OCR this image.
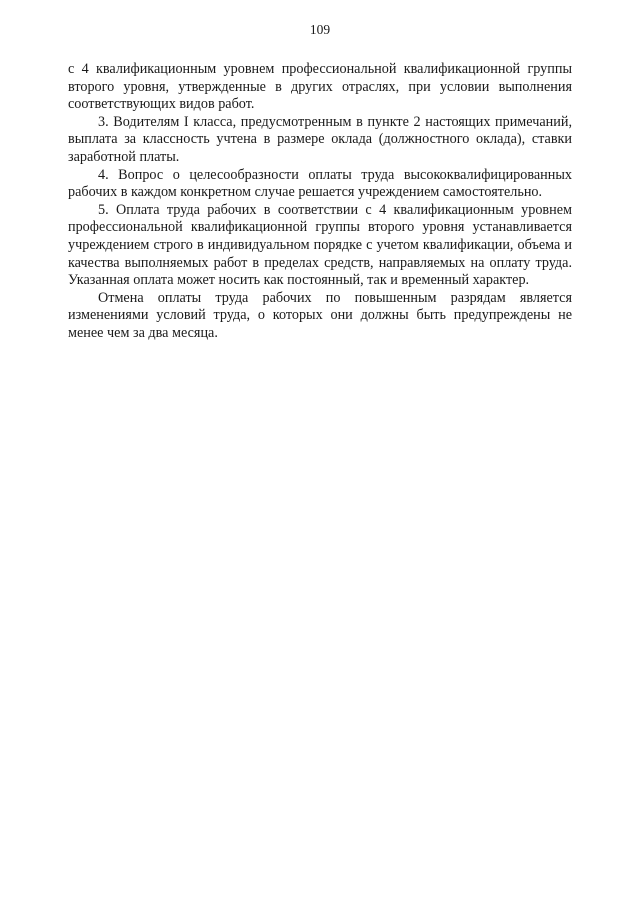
109

с 4 квалификационным уровнем профессиональной квалификационной группы второго уровня, утвержденные в других отраслях, при условии выполнения соответствующих видов работ.

3. Водителям I класса, предусмотренным в пункте 2 настоящих примечаний, выплата за классность учтена в размере оклада (должностного оклада), ставки заработной платы.

4. Вопрос о целесообразности оплаты труда высококвалифицированных рабочих в каждом конкретном случае решается учреждением самостоятельно.

5. Оплата труда рабочих в соответствии с 4 квалификационным уровнем профессиональной квалификационной группы второго уровня устанавливается учреждением строго в индивидуальном порядке с учетом квалификации, объема и качества выполняемых работ в пределах средств, направляемых на оплату труда. Указанная оплата может носить как постоянный, так и временный характер.

Отмена оплаты труда рабочих по повышенным разрядам является изменениями условий труда, о которых они должны быть предупреждены не менее чем за два месяца.
